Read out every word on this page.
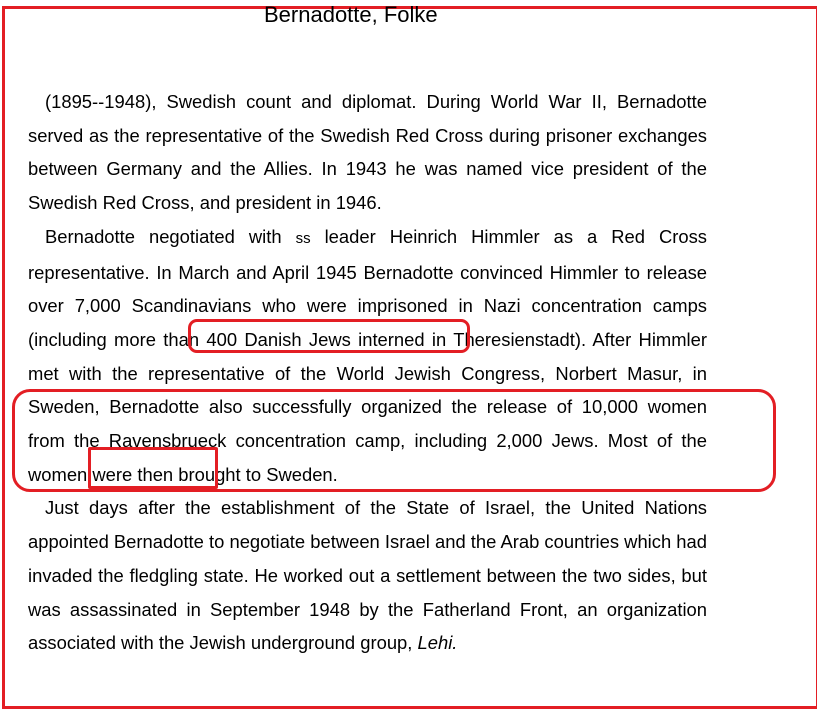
Bernadotte, Folke

(1895--1948), Swedish count and diplomat. During World War II, Bernadotte served as the representative of the Swedish Red Cross during prisoner exchanges between Germany and the Allies. In 1943 he was named vice president of the Swedish Red Cross, and president in 1946.

Bernadotte negotiated with ss leader Heinrich Himmler as a Red Cross representative. In March and April 1945 Bernadotte convinced Himmler to release over 7,000 Scandinavians who were imprisoned in Nazi concentration camps (including more than 400 Danish Jews interned in Theresienstadt). After Himmler met with the representative of the World Jewish Congress, Norbert Masur, in Sweden, Bernadotte also successfully organized the release of 10,000 women from the Ravensbrueck concentration camp, including 2,000 Jews. Most of the women were then brought to Sweden.

Just days after the establishment of the State of Israel, the United Nations appointed Bernadotte to negotiate between Israel and the Arab countries which had invaded the fledgling state. He worked out a settlement between the two sides, but was assassinated in September 1948 by the Fatherland Front, an organization associated with the Jewish underground group, Lehi.
